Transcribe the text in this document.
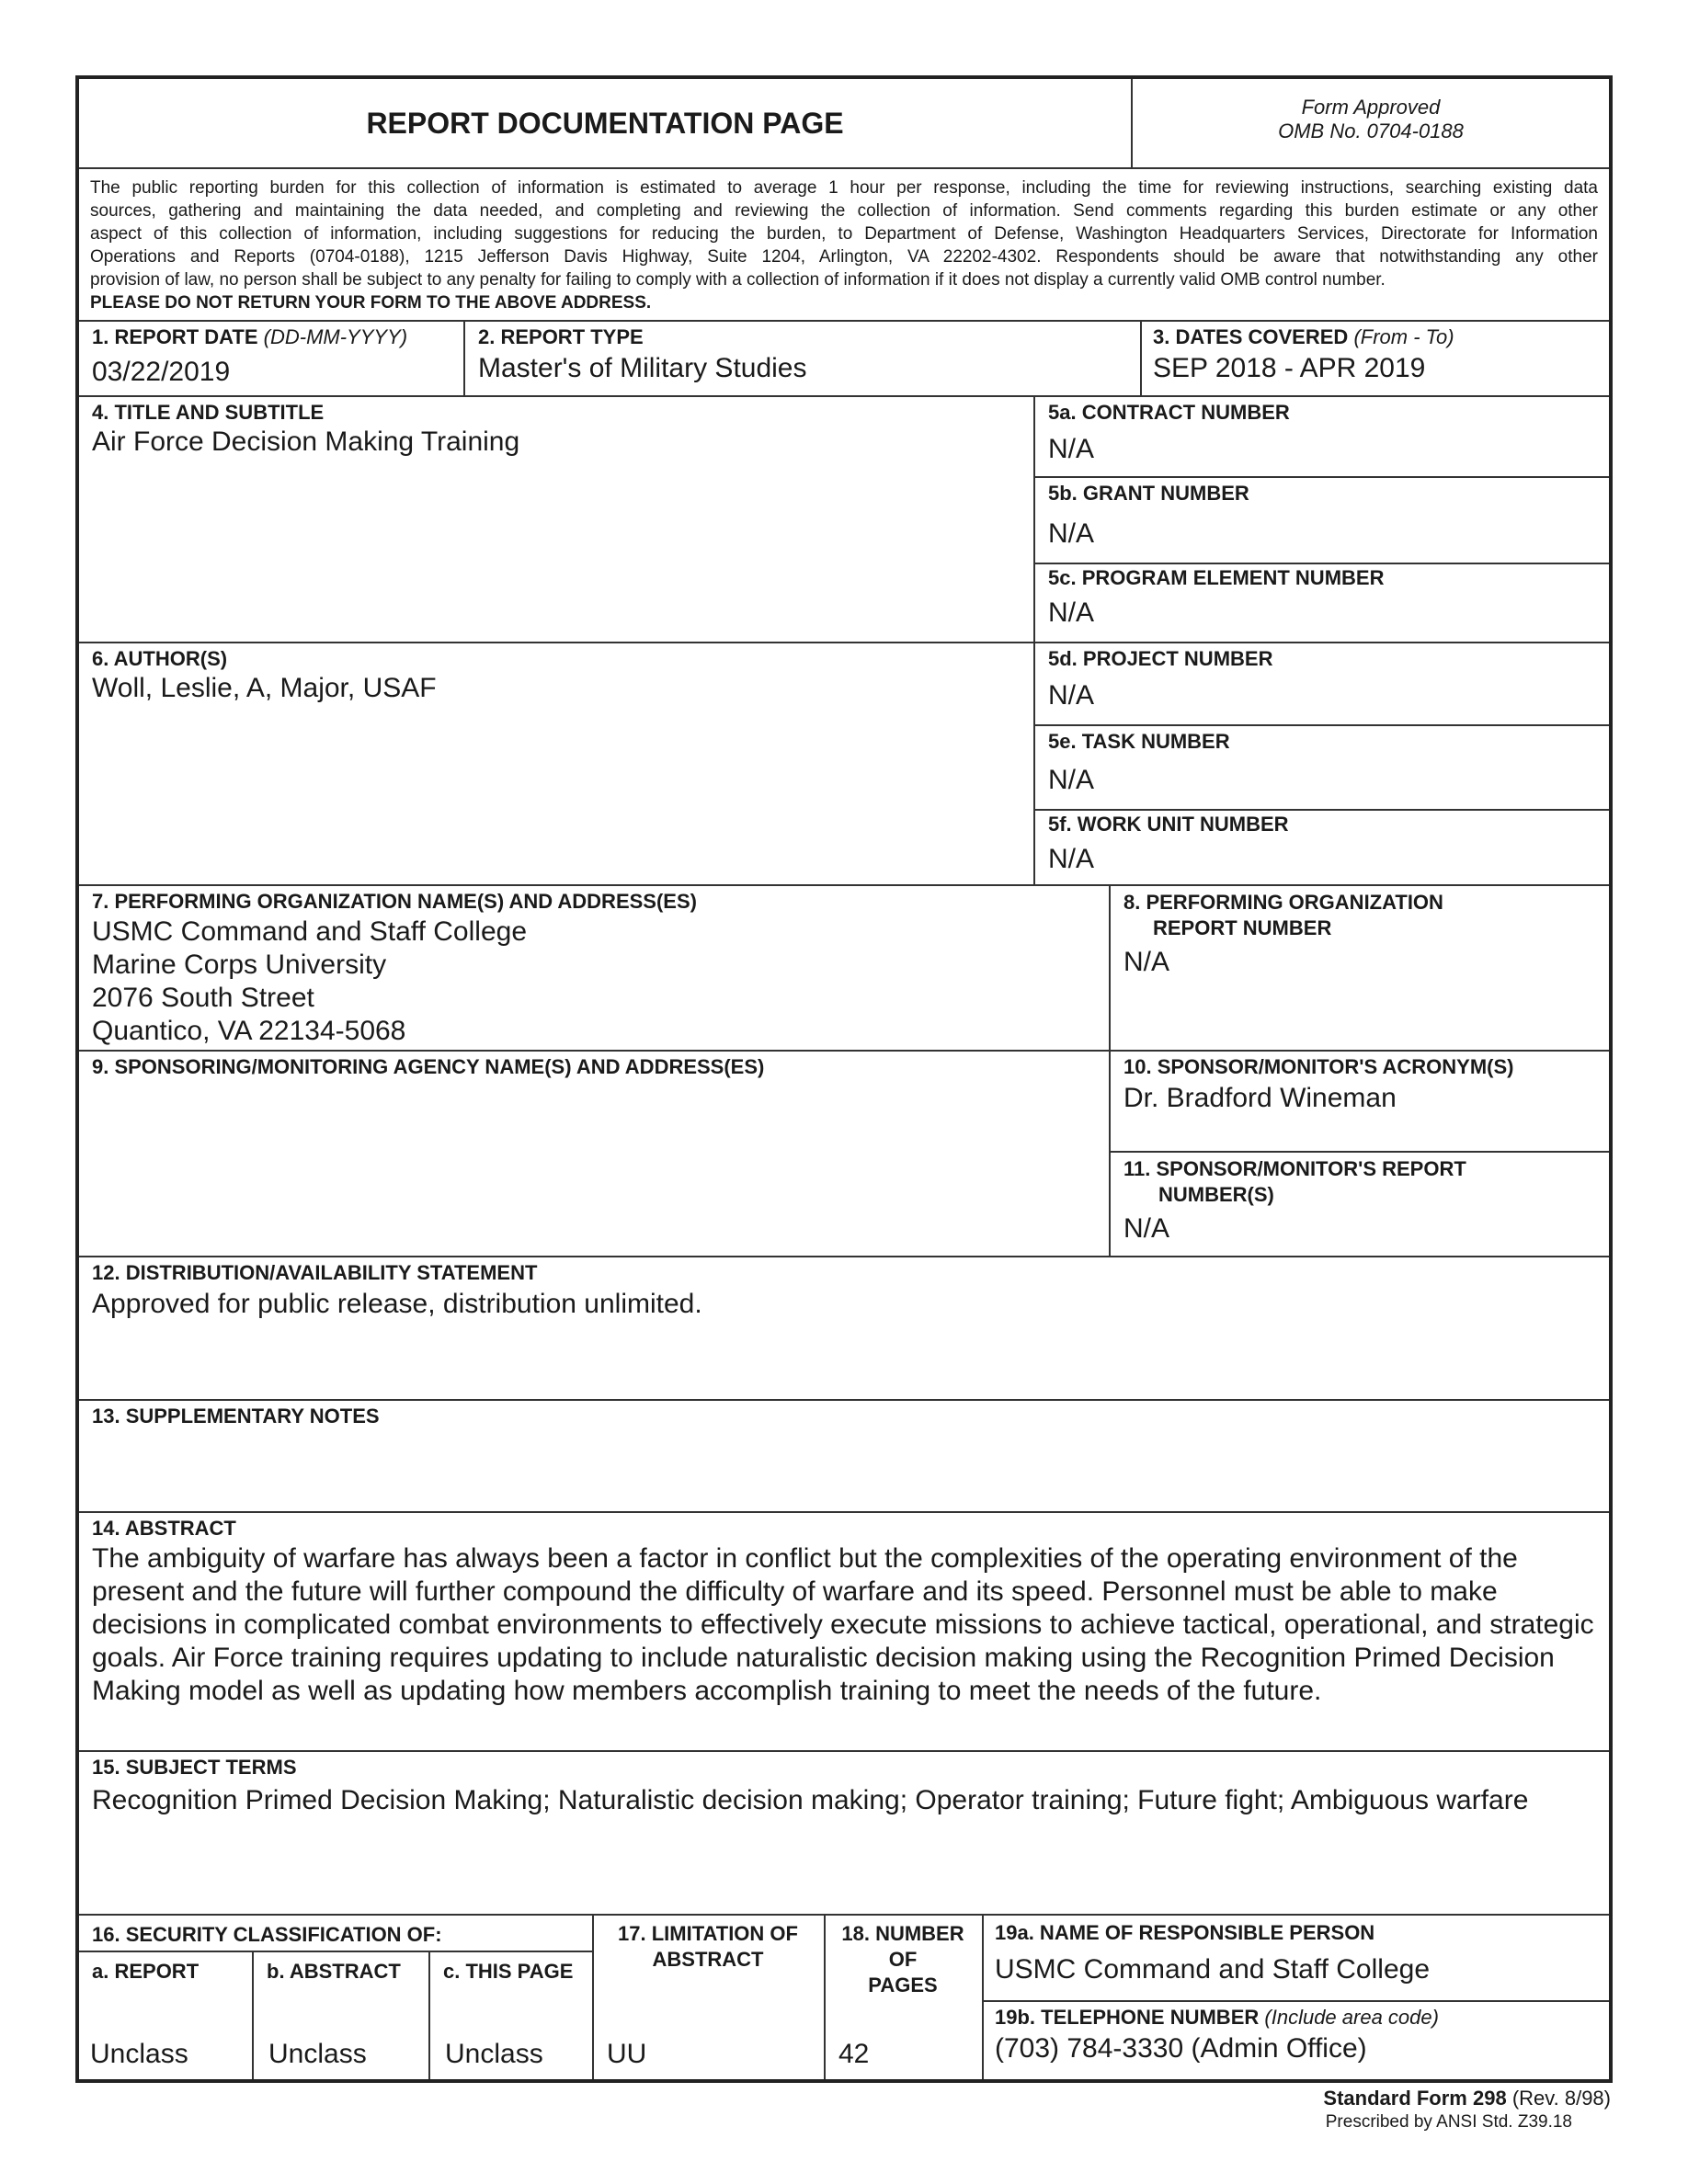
REPORT DOCUMENTATION PAGE	Form Approved
OMB No. 0704-0188
The public reporting burden for this collection of information is estimated to average 1 hour per response, including the time for reviewing instructions, searching existing data
sources, gathering and maintaining the data needed, and completing and reviewing the collection of information. Send comments regarding this burden estimate or any other
aspect of this collection of information, including suggestions for reducing the burden, to Department of Defense, Washington Headquarters Services, Directorate for Information
Operations and Reports (0704-0188), 1215 Jefferson Davis Highway, Suite 1204, Arlington, VA 22202-4302. Respondents should be aware that notwithstanding any other
provision of law, no person shall be subject to any penalty for failing to comply with a collection of information if it does not display a currently valid OMB control number.
PLEASE DO NOT RETURN YOUR FORM TO THE ABOVE ADDRESS.
1. REPORT DATE (DD-MM-YYYY)
03/22/2019
2. REPORT TYPE
Master's of Military Studies
3. DATES COVERED (From - To)
SEP 2018 - APR 2019
4. TITLE AND SUBTITLE
Air Force Decision Making Training
5a. CONTRACT NUMBER
N/A
5b. GRANT NUMBER
N/A
5c. PROGRAM ELEMENT NUMBER
N/A
6. AUTHOR(S)
Woll, Leslie, A, Major, USAF
5d. PROJECT NUMBER
N/A
5e. TASK NUMBER
N/A
5f. WORK UNIT NUMBER
N/A
7. PERFORMING ORGANIZATION NAME(S) AND ADDRESS(ES)
USMC Command and Staff College
Marine Corps University
2076 South Street
Quantico, VA 22134-5068
8. PERFORMING ORGANIZATION
REPORT NUMBER
N/A
9. SPONSORING/MONITORING AGENCY NAME(S) AND ADDRESS(ES)	10. SPONSOR/MONITOR'S ACRONYM(S)
Dr. Bradford Wineman
11. SPONSOR/MONITOR'S REPORT
NUMBER(S)
N/A
12. DISTRIBUTION/AVAILABILITY STATEMENT
Approved for public release, distribution unlimited.
13. SUPPLEMENTARY NOTES
14. ABSTRACT
The ambiguity of warfare has always been a factor in conflict but the complexities of the operating environment of the
present and the future will further compound the difficulty of warfare and its speed. Personnel must be able to make
decisions in complicated combat environments to effectively execute missions to achieve tactical, operational, and strategic
goals. Air Force training requires updating to include naturalistic decision making using the Recognition Primed Decision
Making model as well as updating how members accomplish training to meet the needs of the future.
15. SUBJECT TERMS
Recognition Primed Decision Making; Naturalistic decision making; Operator training; Future fight; Ambiguous warfare
16. SECURITY CLASSIFICATION OF:
a. REPORT
Unclass
b. ABSTRACT
Unclass
c. THIS PAGE
Unclass
17. LIMITATION OF
ABSTRACT
UU
18. NUMBER
OF
PAGES
42
19a. NAME OF RESPONSIBLE PERSON
USMC Command and Staff College
19b. TELEPHONE NUMBER (Include area code)
(703) 784-3330 (Admin Office)
Standard Form 298 (Rev. 8/98)
Prescribed by ANSI Std. Z39.18
